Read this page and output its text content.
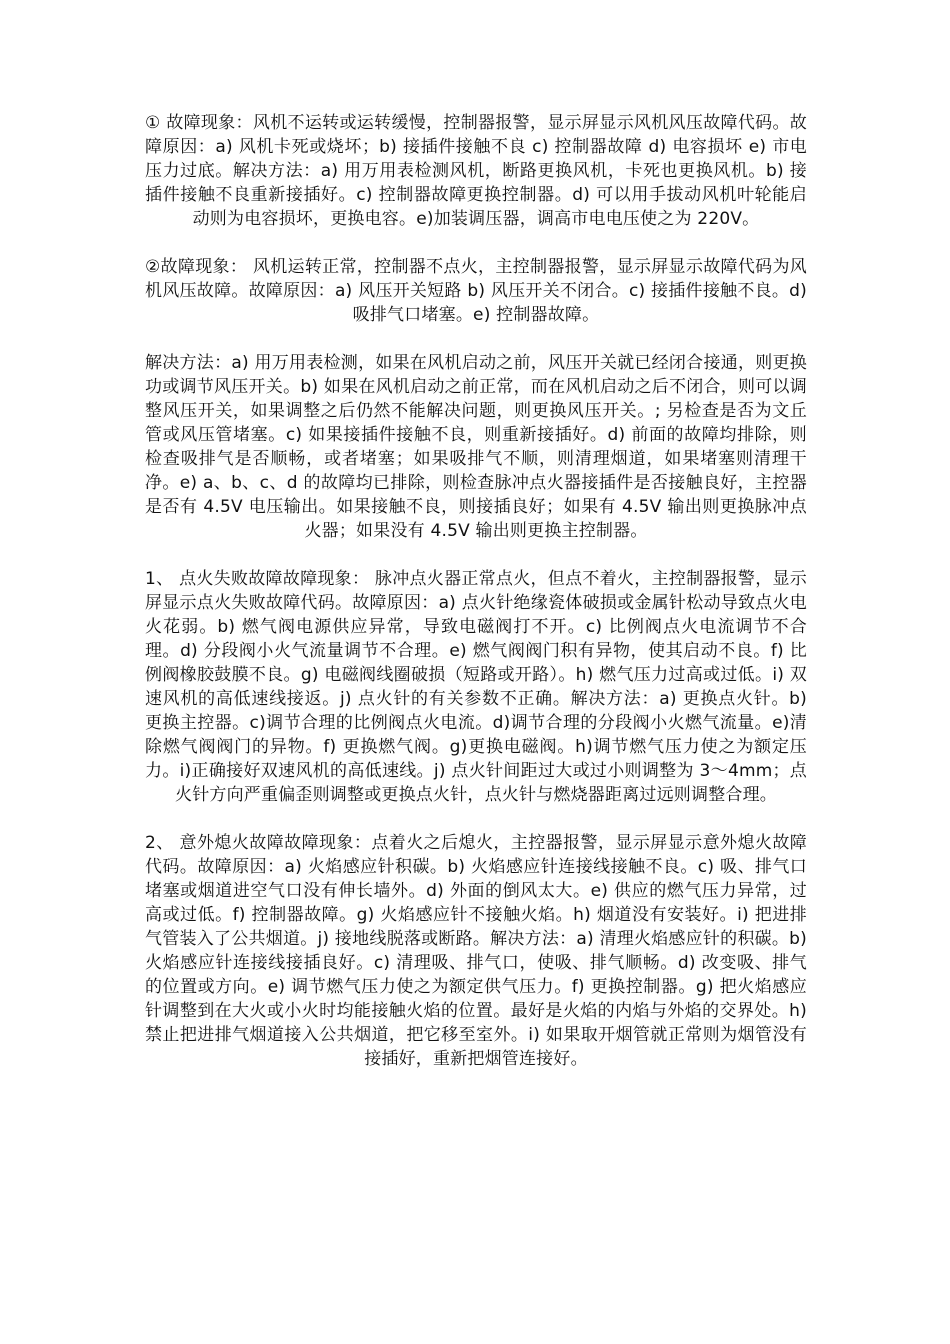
① 故障现象：风机不运转或运转缓慢，控制器报警，显示屏显示风机风压故障代码。故障原因：a) 风机卡死或烧坏；b) 接插件接触不良 c) 控制器故障 d) 电容损坏 e) 市电压力过底。解决方法：a) 用万用表检测风机，断路更换风机，卡死也更换风机。b) 接插件接触不良重新接插好。c) 控制器故障更换控制器。d) 可以用手拔动风机叶轮能启动则为电容损坏，更换电容。e)加装调压器，调高市电电压使之为 220V。

②故障现象： 风机运转正常，控制器不点火，主控制器报警，显示屏显示故障代码为风机风压故障。故障原因：a) 风压开关短路 b) 风压开关不闭合。c) 接插件接触不良。d) 吸排气口堵塞。e) 控制器故障。

解决方法：a) 用万用表检测，如果在风机启动之前，风压开关就已经闭合接通，则更换功或调节风压开关。b) 如果在风机启动之前正常，而在风机启动之后不闭合，则可以调整风压开关，如果调整之后仍然不能解决问题，则更换风压开关。; 另检查是否为文丘管或风压管堵塞。c) 如果接插件接触不良，则重新接插好。d) 前面的故障均排除，则检查吸排气是否顺畅，或者堵塞；如果吸排气不顺，则清理烟道，如果堵塞则清理干净。e) a、b、c、d 的故障均已排除，则检查脉冲点火器接插件是否接触良好，主控器是否有 4.5V 电压输出。如果接触不良，则接插良好；如果有 4.5V 输出则更换脉冲点火器；如果没有 4.5V 输出则更换主控制器。

1、 点火失败故障故障现象： 脉冲点火器正常点火，但点不着火，主控制器报警，显示屏显示点火失败故障代码。故障原因：a) 点火针绝缘瓷体破损或金属针松动导致点火电火花弱。b) 燃气阀电源供应异常，导致电磁阀打不开。c) 比例阀点火电流调节不合理。d) 分段阀小火气流量调节不合理。e) 燃气阀阀门积有异物，使其启动不良。f) 比例阀橡胶鼓膜不良。g) 电磁阀线圈破损（短路或开路）。h) 燃气压力过高或过低。i) 双速风机的高低速线接返。j) 点火针的有关参数不正确。解决方法：a) 更换点火针。b) 更换主控器。c)调节合理的比例阀点火电流。d)调节合理的分段阀小火燃气流量。e)清除燃气阀阀门的异物。f) 更换燃气阀。g)更换电磁阀。h)调节燃气压力使之为额定压力。i)正确接好双速风机的高低速线。j) 点火针间距过大或过小则调整为 3～4mm；点火针方向严重偏歪则调整或更换点火针，点火针与燃烧器距离过远则调整合理。

2、 意外熄火故障故障现象：点着火之后熄火，主控器报警，显示屏显示意外熄火故障代码。故障原因：a) 火焰感应针积碳。b) 火焰感应针连接线接触不良。c) 吸、排气口堵塞或烟道进空气口没有伸长墙外。d) 外面的倒风太大。e) 供应的燃气压力异常，过高或过低。f) 控制器故障。g) 火焰感应针不接触火焰。h) 烟道没有安装好。i) 把进排气管装入了公共烟道。j) 接地线脱落或断路。解决方法：a) 清理火焰感应针的积碳。b) 火焰感应针连接线接插良好。c) 清理吸、排气口，使吸、排气顺畅。d) 改变吸、排气的位置或方向。e) 调节燃气压力使之为额定供气压力。f) 更换控制器。g) 把火焰感应针调整到在大火或小火时均能接触火焰的位置。最好是火焰的内焰与外焰的交界处。h) 禁止把进排气烟道接入公共烟道，把它移至室外。i) 如果取开烟管就正常则为烟管没有接插好，重新把烟管连接好。
